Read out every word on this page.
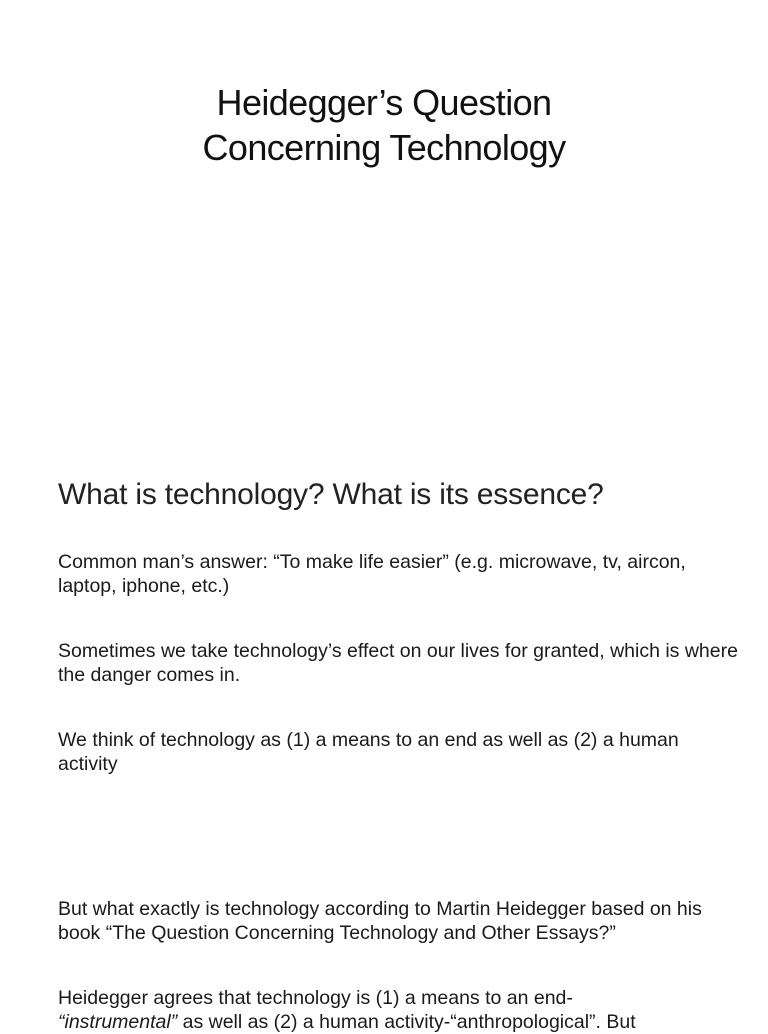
Heidegger’s Question
Concerning Technology
What is technology? What is its essence?
Common man’s answer: “To make life easier” (e.g. microwave, tv, aircon, laptop, iphone, etc.)
Sometimes we take technology’s effect on our lives for granted, which is where the danger comes in.
We think of technology as (1) a means to an end as well as (2) a human activity
But what exactly is technology according to Martin Heidegger based on his book “The Question Concerning Technology and Other Essays?”
Heidegger agrees that technology is (1) a means to an end-
“instrumental” as well as (2) a human activity-“anthropological”. But
